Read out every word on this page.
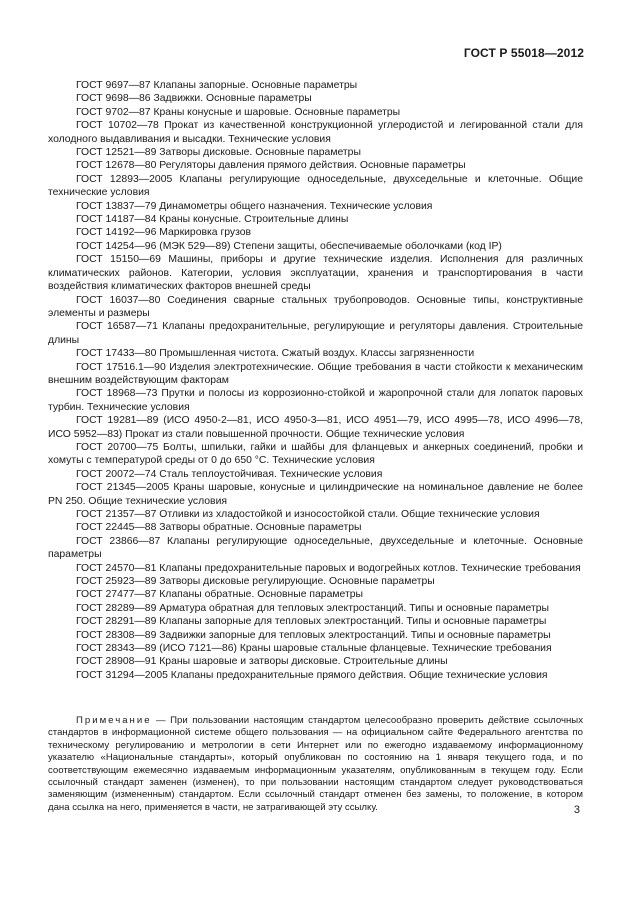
ГОСТ Р 55018—2012

ГОСТ 9697—87 Клапаны запорные. Основные параметры

ГОСТ 9698—86 Задвижки. Основные параметры

ГОСТ 9702—87 Краны конусные и шаровые. Основные параметры

ГОСТ 10702—78 Прокат из качественной конструкционной углеродистой и легированной стали для холодного выдавливания и высадки. Технические условия

ГОСТ 12521—89 Затворы дисковые. Основные параметры

ГОСТ 12678—80 Регуляторы давления прямого действия. Основные параметры

ГОСТ 12893—2005 Клапаны регулирующие односедельные, двухседельные и клеточные. Общие технические условия

ГОСТ 13837—79 Динамометры общего назначения. Технические условия

ГОСТ 14187—84 Краны конусные. Строительные длины

ГОСТ 14192—96 Маркировка грузов

ГОСТ 14254—96 (МЭК 529—89) Степени защиты, обеспечиваемые оболочками (код IP)

ГОСТ 15150—69 Машины, приборы и другие технические изделия. Исполнения для различных климатических районов. Категории, условия эксплуатации, хранения и транспортирования в части воздействия климатических факторов внешней среды

ГОСТ 16037—80 Соединения сварные стальных трубопроводов. Основные типы, конструктивные элементы и размеры

ГОСТ 16587—71 Клапаны предохранительные, регулирующие и регуляторы давления. Строительные длины

ГОСТ 17433—80 Промышленная чистота. Сжатый воздух. Классы загрязненности

ГОСТ 17516.1—90 Изделия электротехнические. Общие требования в части стойкости к механическим внешним воздействующим факторам

ГОСТ 18968—73 Прутки и полосы из коррозионно-стойкой и жаропрочной стали для лопаток паровых турбин. Технические условия

ГОСТ 19281—89 (ИСО 4950-2—81, ИСО 4950-3—81, ИСО 4951—79, ИСО 4995—78, ИСО 4996—78, ИСО 5952—83) Прокат из стали повышенной прочности. Общие технические условия

ГОСТ 20700—75 Болты, шпильки, гайки и шайбы для фланцевых и анкерных соединений, пробки и хомуты с температурой среды от 0 до 650 °С. Технические условия

ГОСТ 20072—74 Сталь теплоустойчивая. Технические условия

ГОСТ 21345—2005 Краны шаровые, конусные и цилиндрические на номинальное давление не более PN 250. Общие технические условия

ГОСТ 21357—87 Отливки из хладостойкой и износостойкой стали. Общие технические условия

ГОСТ 22445—88 Затворы обратные. Основные параметры

ГОСТ 23866—87 Клапаны регулирующие односедельные, двухседельные и клеточные. Основные параметры

ГОСТ 24570—81 Клапаны предохранительные паровых и водогрейных котлов. Технические требования

ГОСТ 25923—89 Затворы дисковые регулирующие. Основные параметры

ГОСТ 27477—87 Клапаны обратные. Основные параметры

ГОСТ 28289—89 Арматура обратная для тепловых электростанций. Типы и основные параметры

ГОСТ 28291—89 Клапаны запорные для тепловых электростанций. Типы и основные параметры

ГОСТ 28308—89 Задвижки запорные для тепловых электростанций. Типы и основные параметры

ГОСТ 28343—89 (ИСО 7121—86) Краны шаровые стальные фланцевые. Технические требования

ГОСТ 28908—91 Краны шаровые и затворы дисковые. Строительные длины

ГОСТ 31294—2005 Клапаны предохранительные прямого действия. Общие технические условия

Примечание — При пользовании настоящим стандартом целесообразно проверить действие ссылочных стандартов в информационной системе общего пользования — на официальном сайте Федерального агентства по техническому регулированию и метрологии в сети Интернет или по ежегодно издаваемому информационному указателю «Национальные стандарты», который опубликован по состоянию на 1 января текущего года, и по соответствующим ежемесячно издаваемым информационным указателям, опубликованным в текущем году. Если ссылочный стандарт заменен (изменен), то при пользовании настоящим стандартом следует руководствоваться заменяющим (измененным) стандартом. Если ссылочный стандарт отменен без замены, то положение, в котором дана ссылка на него, применяется в части, не затрагивающей эту ссылку.	3
